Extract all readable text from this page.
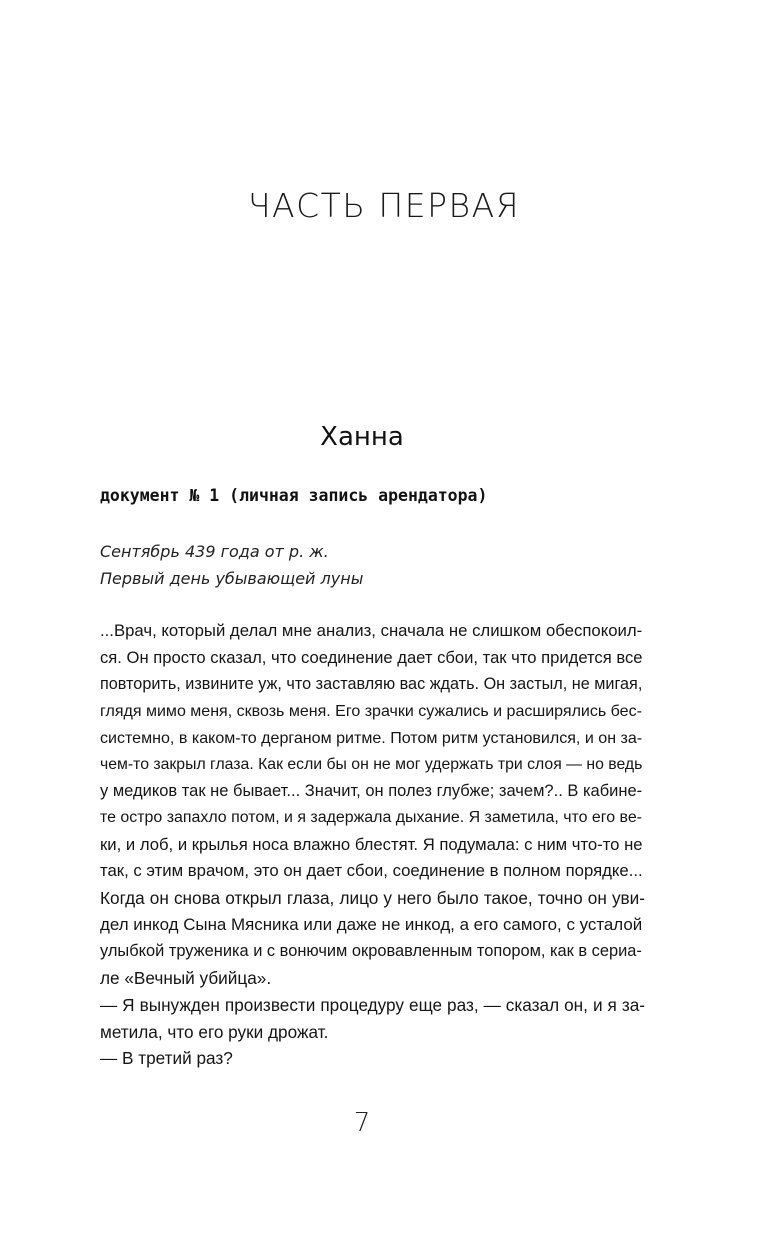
ЧАСТЬ ПЕРВАЯ
Ханна
документ № 1 (личная запись арендатора)
Сентябрь 439 года от р. ж.
Первый день убывающей луны
...Врач, который делал мне анализ, сначала не слишком обеспокоил-
ся. Он просто сказал, что соединение дает сбои, так что придется все
повторить, извините уж, что заставляю вас ждать. Он застыл, не мигая,
глядя мимо меня, сквозь меня. Его зрачки сужались и расширялись бес-
системно, в каком-то дерганом ритме. Потом ритм установился, и он за-
чем-то закрыл глаза. Как если бы он не мог удержать три слоя — но ведь
у медиков так не бывает... Значит, он полез глубже; зачем?.. В кабине-
те остро запахло потом, и я задержала дыхание. Я заметила, что его ве-
ки, и лоб, и крылья носа влажно блестят. Я подумала: с ним что-то не
так, с этим врачом, это он дает сбои, соединение в полном порядке...
Когда он снова открыл глаза, лицо у него было такое, точно он уви-
дел инкод Сына Мясника или даже не инкод, а его самого, с усталой
улыбкой труженика и с вонючим окровавленным топором, как в сериа-
ле «Вечный убийца».
— Я вынужден произвести процедуру еще раз, — сказал он, и я за-
метила, что его руки дрожат.
— В третий раз?
7
